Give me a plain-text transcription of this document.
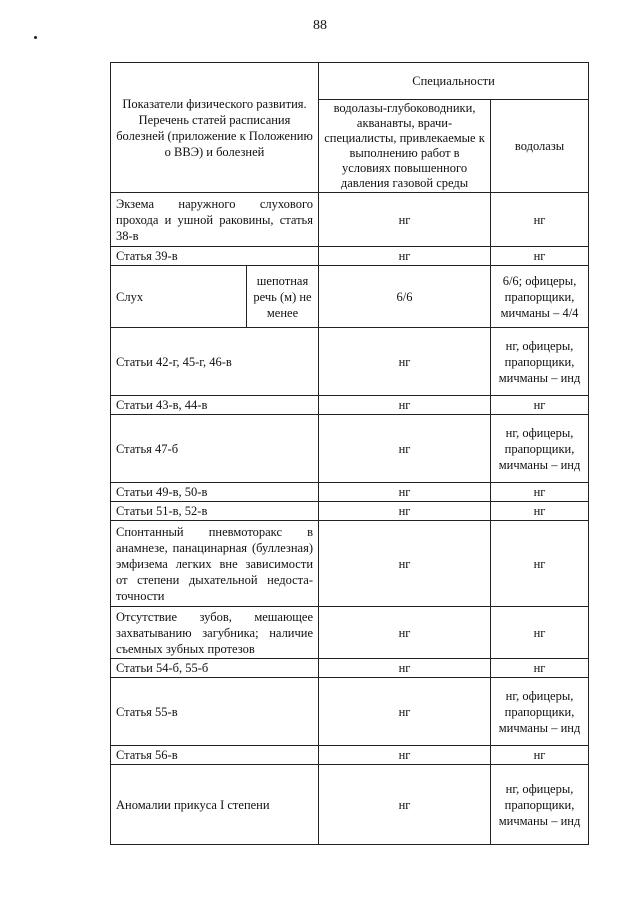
88
Показатели физического развития. Перечень статей расписания болезней (приложение к Положению о ВВЭ) и болезней		Специальности	
		водолазы-глубоководники, акванавты, врачи-специалисты, привлекаемые к выполнению работ в условиях повышенного давления газовой среды	водолазы
Экзема наружного слухового прохода и ушной раковины, статья 38-в		нг	нг
Статья 39-в		нг	нг
Слух	шепотная речь (м) не менее	6/6	6/6; офицеры, прапорщики, мичманы – 4/4
Статьи 42-г, 45-г, 46-в		нг	нг, офицеры, прапорщики, мичманы – инд
Статьи 43-в, 44-в		нг	нг
Статья 47-б		нг	нг, офицеры, прапорщики, мичманы – инд
Статьи 49-в, 50-в		нг	нг
Статьи 51-в, 52-в		нг	нг
Спонтанный пневмоторакс в анамнезе, панацинарная (буллезная) эмфизема легких вне зависимости от степени дыхательной недоста-точности		нг	нг
Отсутствие зубов, мешающее захватыванию загубника; наличие съемных зубных протезов		нг	нг
Статьи 54-б, 55-б		нг	нг
Статья 55-в		нг	нг, офицеры, прапорщики, мичманы – инд
Статья 56-в		нг	нг
Аномалии прикуса I степени		нг	нг, офицеры, прапорщики, мичманы – инд
